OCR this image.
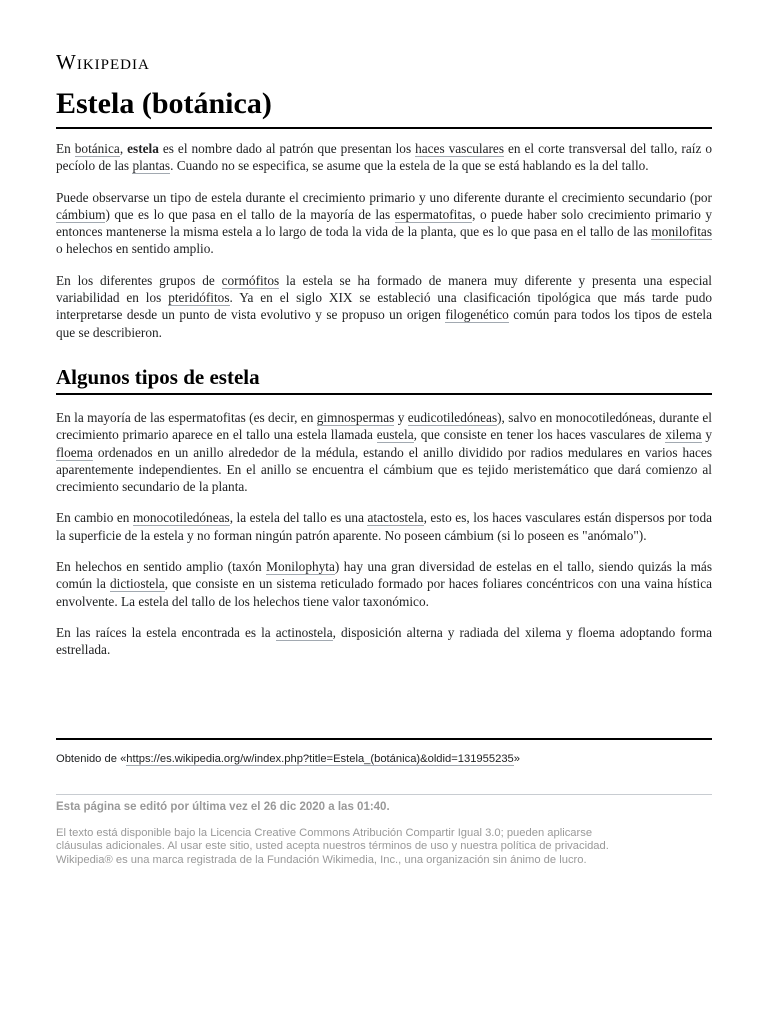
Wikipedia
Estela (botánica)

En botánica, estela es el nombre dado al patrón que presentan los haces vasculares en el corte transversal del tallo, raíz o pecíolo de las plantas. Cuando no se especifica, se asume que la estela de la que se está hablando es la del tallo.

Puede observarse un tipo de estela durante el crecimiento primario y uno diferente durante el crecimiento secundario (por cámbium) que es lo que pasa en el tallo de la mayoría de las espermatofitas, o puede haber solo crecimiento primario y entonces mantenerse la misma estela a lo largo de toda la vida de la planta, que es lo que pasa en el tallo de las monilofitas o helechos en sentido amplio.

En los diferentes grupos de cormófitos la estela se ha formado de manera muy diferente y presenta una especial variabilidad en los pteridófitos. Ya en el siglo XIX se estableció una clasificación tipológica que más tarde pudo interpretarse desde un punto de vista evolutivo y se propuso un origen filogenético común para todos los tipos de estela que se describieron.

Algunos tipos de estela

En la mayoría de las espermatofitas (es decir, en gimnospermas y eudicotiledóneas), salvo en monocotiledóneas, durante el crecimiento primario aparece en el tallo una estela llamada eustela, que consiste en tener los haces vasculares de xilema y floema ordenados en un anillo alrededor de la médula, estando el anillo dividido por radios medulares en varios haces aparentemente independientes. En el anillo se encuentra el cámbium que es tejido meristemático que dará comienzo al crecimiento secundario de la planta.

En cambio en monocotiledóneas, la estela del tallo es una atactostela, esto es, los haces vasculares están dispersos por toda la superficie de la estela y no forman ningún patrón aparente. No poseen cámbium (si lo poseen es "anómalo").

En helechos en sentido amplio (taxón Monilophyta) hay una gran diversidad de estelas en el tallo, siendo quizás la más común la dictiostela, que consiste en un sistema reticulado formado por haces foliares concéntricos con una vaina hística envolvente. La estela del tallo de los helechos tiene valor taxonómico.

En las raíces la estela encontrada es la actinostela, disposición alterna y radiada del xilema y floema adoptando forma estrellada.

Obtenido de «https://es.wikipedia.org/w/index.php?title=Estela_(botánica)&oldid=131955235»
Esta página se editó por última vez el 26 dic 2020 a las 01:40.
El texto está disponible bajo la Licencia Creative Commons Atribución Compartir Igual 3.0; pueden aplicarse
cláusulas adicionales. Al usar este sitio, usted acepta nuestros términos de uso y nuestra política de privacidad.
Wikipedia® es una marca registrada de la Fundación Wikimedia, Inc., una organización sin ánimo de lucro.
